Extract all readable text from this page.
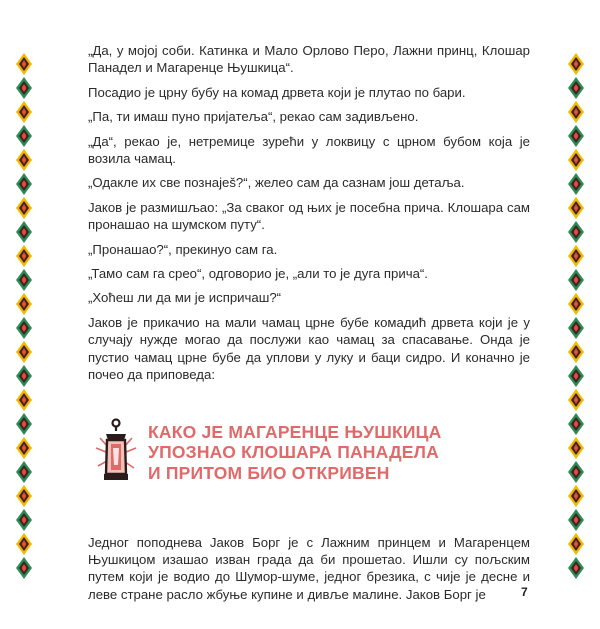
„Да, у мојој соби. Катинка и Мало Орлово Перо, Лажни принц, Клошар Панадел и Магаренце Њушкица“.

Посадио је црну бубу на комад дрвета који је плутао по бари.

„Па, ти имаш пуно пријатеља“, рекао сам задивљено.

„Да“, рекао је, нетремице зурећи у локвицу с црном бубом која је возила чамац.

„Одакле их све познаješ?“, желео сам да сазнам још детаља.

Јаков је размишљао: „За сваког од њих је посебна прича. Клошара сам пронашао на шумском путу“.

„Пронашао?“, прекинуо сам га.

„Тамо сам га срео“, одговорио је, „али то је дуга прича“.

„Хоћеш ли да ми је испричаш?“

Јаков је прикачио на мали чамац црне бубе комадић дрвета који је у случају нужде могао да послужи као чамац за спасавање. Онда је пустио чамац црне бубе да уплови у луку и баци сидро. И коначно је почео да приповеда:

КАКО ЈЕ МАГАРЕНЦЕ ЊУШКИЦА
УПОЗНАО КЛОШАРА ПАНАДЕЛА
И ПРИТОМ БИО ОТКРИВЕН

Једног поподнева Јаков Борг је с Лажним принцем и Магаренцем Њушкицом изашао изван града да би прошетао. Ишли су пољским путем који је водио до Шумор-шуме, једног брезика, с чије је десне и леве стране расло жбуње купине и дивље малине. Јаков Борг је	7
